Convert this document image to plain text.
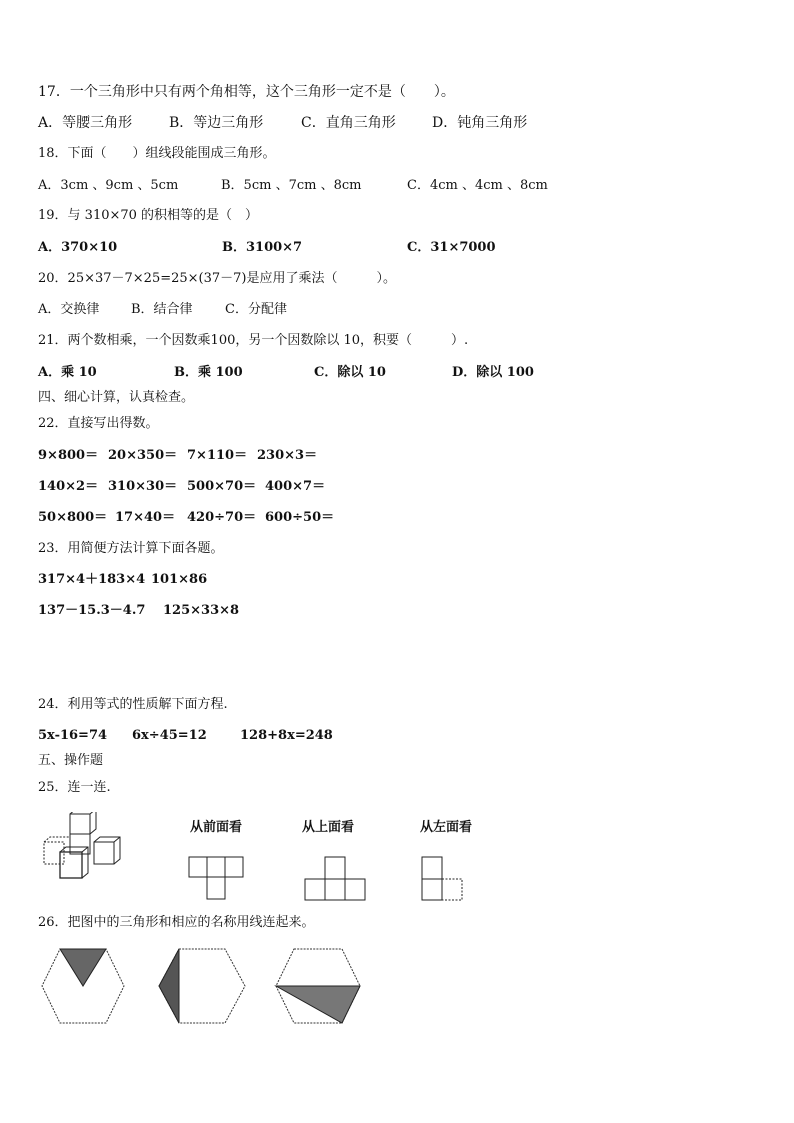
17．一个三角形中只有两个角相等，这个三角形一定不是（　　）。
A．等腰三角形	B．等边三角形	C．直角三角形	D．钝角三角形
18．下面（　　）组线段能围成三角形。
A．3cm 、9cm 、5cm	B．5cm 、7cm 、8cm	C．4cm 、4cm 、8cm
19．与 310×70 的积相等的是（　）
A．370×10	B．3100×7	C．31×7000
20．25×37－7×25=25×(37－7)是应用了乘法（　　　）。
A．交换律 B．结合律 C．分配律
21．两个数相乘，一个因数乘100，另一个因数除以 10，积要（　　　）.
A．乘 10	B．乘 100	C．除以 10	D．除以 100
四、细心计算，认真检查。
22．直接写出得数。
9×800＝ 20×350＝ 7×110＝ 230×3＝
140×2＝ 310×30＝ 500×70＝ 400×7＝
50×800＝ 17×40＝ 420÷70＝ 600÷50＝
23．用简便方法计算下面各题。
317×4＋183×4 101×86
137－15.3－4.7 125×33×8
24．利用等式的性质解下面方程.
5x-16=74 6x÷45=12	128+8x=248
五、操作题
25．连一连.
从前面看	从上面看	从左面看
26．把图中的三角形和相应的名称用线连起来。
